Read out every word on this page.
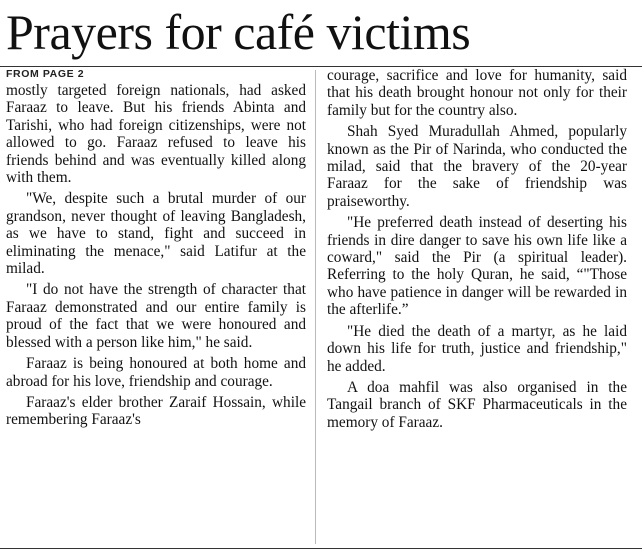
Prayers for café victims
FROM PAGE 2

mostly targeted foreign nationals, had asked Faraaz to leave. But his friends Abinta and Tarishi, who had foreign citizenships, were not allowed to go. Faraaz refused to leave his friends behind and was eventually killed along with them.

"We, despite such a brutal murder of our grandson, never thought of leaving Bangladesh, as we have to stand, fight and succeed in eliminating the menace," said Latifur at the milad.

"I do not have the strength of character that Faraaz demonstrated and our entire family is proud of the fact that we were honoured and blessed with a person like him," he said.

Faraaz is being honoured at both home and abroad for his love, friendship and courage.

Faraaz's elder brother Zaraif Hossain, while remembering Faraaz's

courage, sacrifice and love for humanity, said that his death brought honour not only for their family but for the country also.

Shah Syed Muradullah Ahmed, popularly known as the Pir of Narinda, who conducted the milad, said that the bravery of the 20-year Faraaz for the sake of friendship was praiseworthy.

"He preferred death instead of deserting his friends in dire danger to save his own life like a coward," said the Pir (a spiritual leader). Referring to the holy Quran, he said, “"Those who have patience in danger will be rewarded in the afterlife.”

"He died the death of a martyr, as he laid down his life for truth, justice and friendship," he added.

A doa mahfil was also organised in the Tangail branch of SKF Pharmaceuticals in the memory of Faraaz.
